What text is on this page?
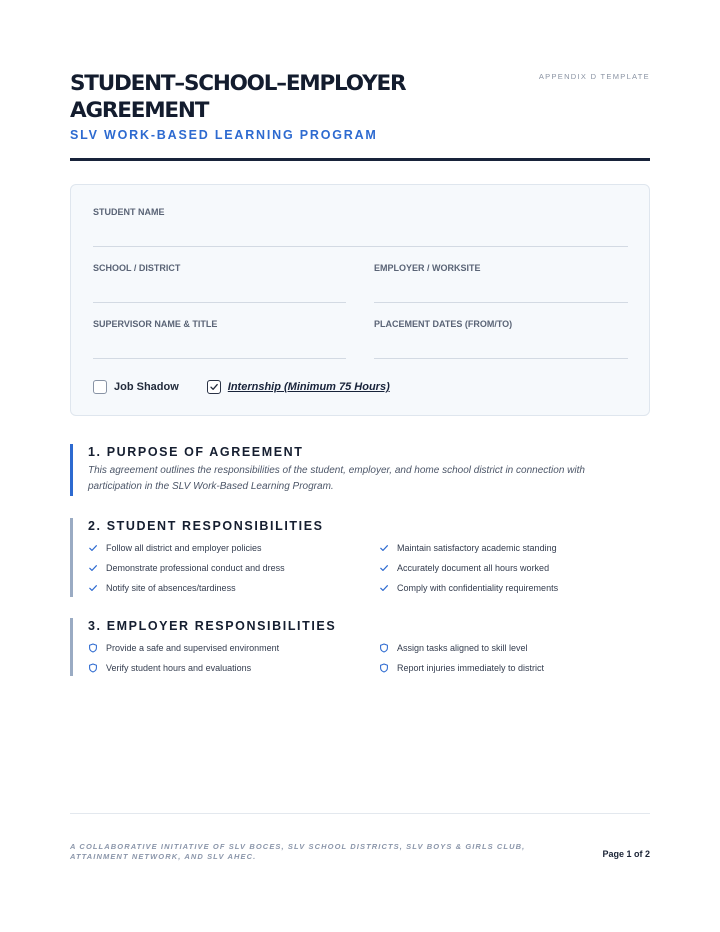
APPENDIX D TEMPLATE
STUDENT–SCHOOL–EMPLOYER AGREEMENT
SLV WORK-BASED LEARNING PROGRAM
STUDENT NAME
SCHOOL / DISTRICT	EMPLOYER / WORKSITE
SUPERVISOR NAME & TITLE	PLACEMENT DATES (FROM/TO)
Job Shadow	Internship (Minimum 75 Hours)
1. PURPOSE OF AGREEMENT

This agreement outlines the responsibilities of the student, employer, and home school district in connection with participation in the SLV Work-Based Learning Program.

2. STUDENT RESPONSIBILITIES
Follow all district and employer policies	Maintain satisfactory academic standing
Demonstrate professional conduct and dress	Accurately document all hours worked
Notify site of absences/tardiness	Comply with confidentiality requirements
3. EMPLOYER RESPONSIBILITIES
Provide a safe and supervised environment	Assign tasks aligned to skill level
Verify student hours and evaluations	Report injuries immediately to district
A COLLABORATIVE INITIATIVE OF SLV BOCES, SLV SCHOOL DISTRICTS, SLV BOYS & GIRLS CLUB, ATTAINMENT NETWORK, AND SLV AHEC.	Page 1 of 2
